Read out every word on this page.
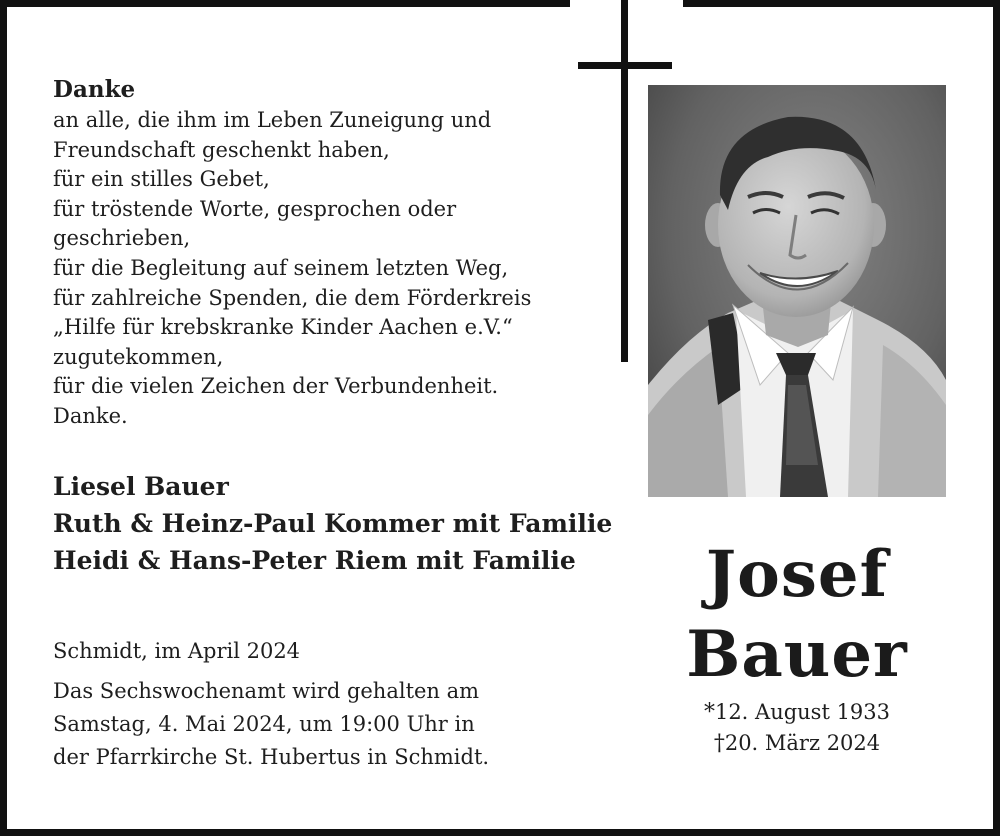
Danke
an alle, die ihm im Leben Zuneigung und
Freundschaft geschenkt haben,
für ein stilles Gebet,
für tröstende Worte, gesprochen oder
geschrieben,
für die Begleitung auf seinem letzten Weg,
für zahlreiche Spenden, die dem Förderkreis
„Hilfe für krebskranke Kinder Aachen e.V.“
zugutekommen,
für die vielen Zeichen der Verbundenheit.
Danke.
Liesel Bauer
Ruth & Heinz-Paul Kommer mit Familie
Heidi & Hans-Peter Riem mit Familie
Schmidt, im April 2024
Das Sechswochenamt wird gehalten am
Samstag, 4. Mai 2024, um 19:00 Uhr in
der Pfarrkirche St. Hubertus in Schmidt.
Josef
Bauer
*12. August 1933
†20. März 2024
